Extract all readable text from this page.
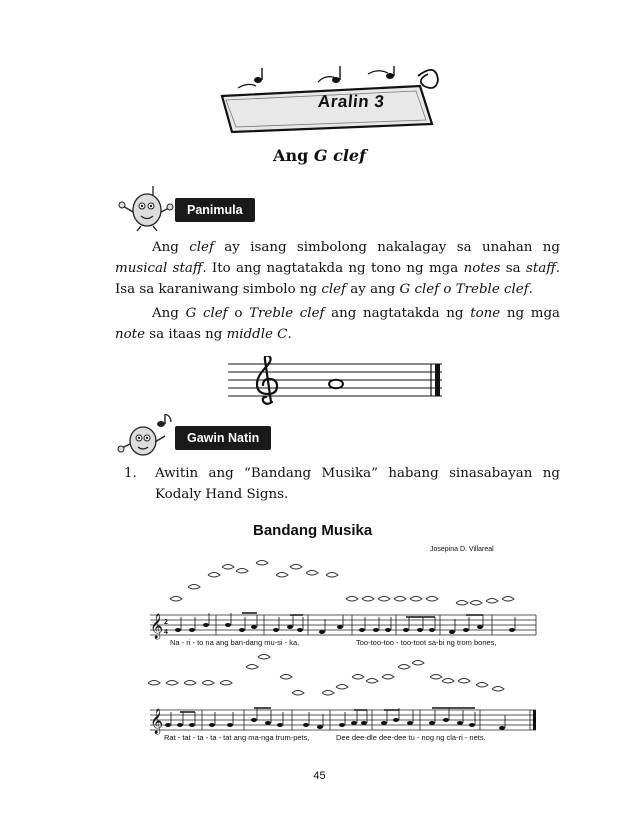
Aralin 3
Ang G clef
Panimula
Ang clef ay isang simbolong nakalagay sa unahan ng
musical staff. Ito ang nagtatakda ng tono ng mga notes sa staff.
Isa sa karaniwang simbolo ng clef ay ang G clef o Treble clef.
Ang G clef o Treble clef ang nagtatakda ng tone ng mga
note sa itaas ng middle C.
Gawin Natin
1. Awitin ang “Bandang Musika” habang sinasabayan ng
Kodaly Hand Signs.
𝄞 2
4
𝄞
Bandang Musika
Josepina D. Villareal
Na - ri - to na ang ban-dang mu-si - ka,	Too-too-too - too-toot sa-bi ng trom bones,
Rat - tat - ta - ta - tat ang ma-nga trum-pets,	Dee dee-dle dee-dee tu - nog ng cla-ri - nets.
45
